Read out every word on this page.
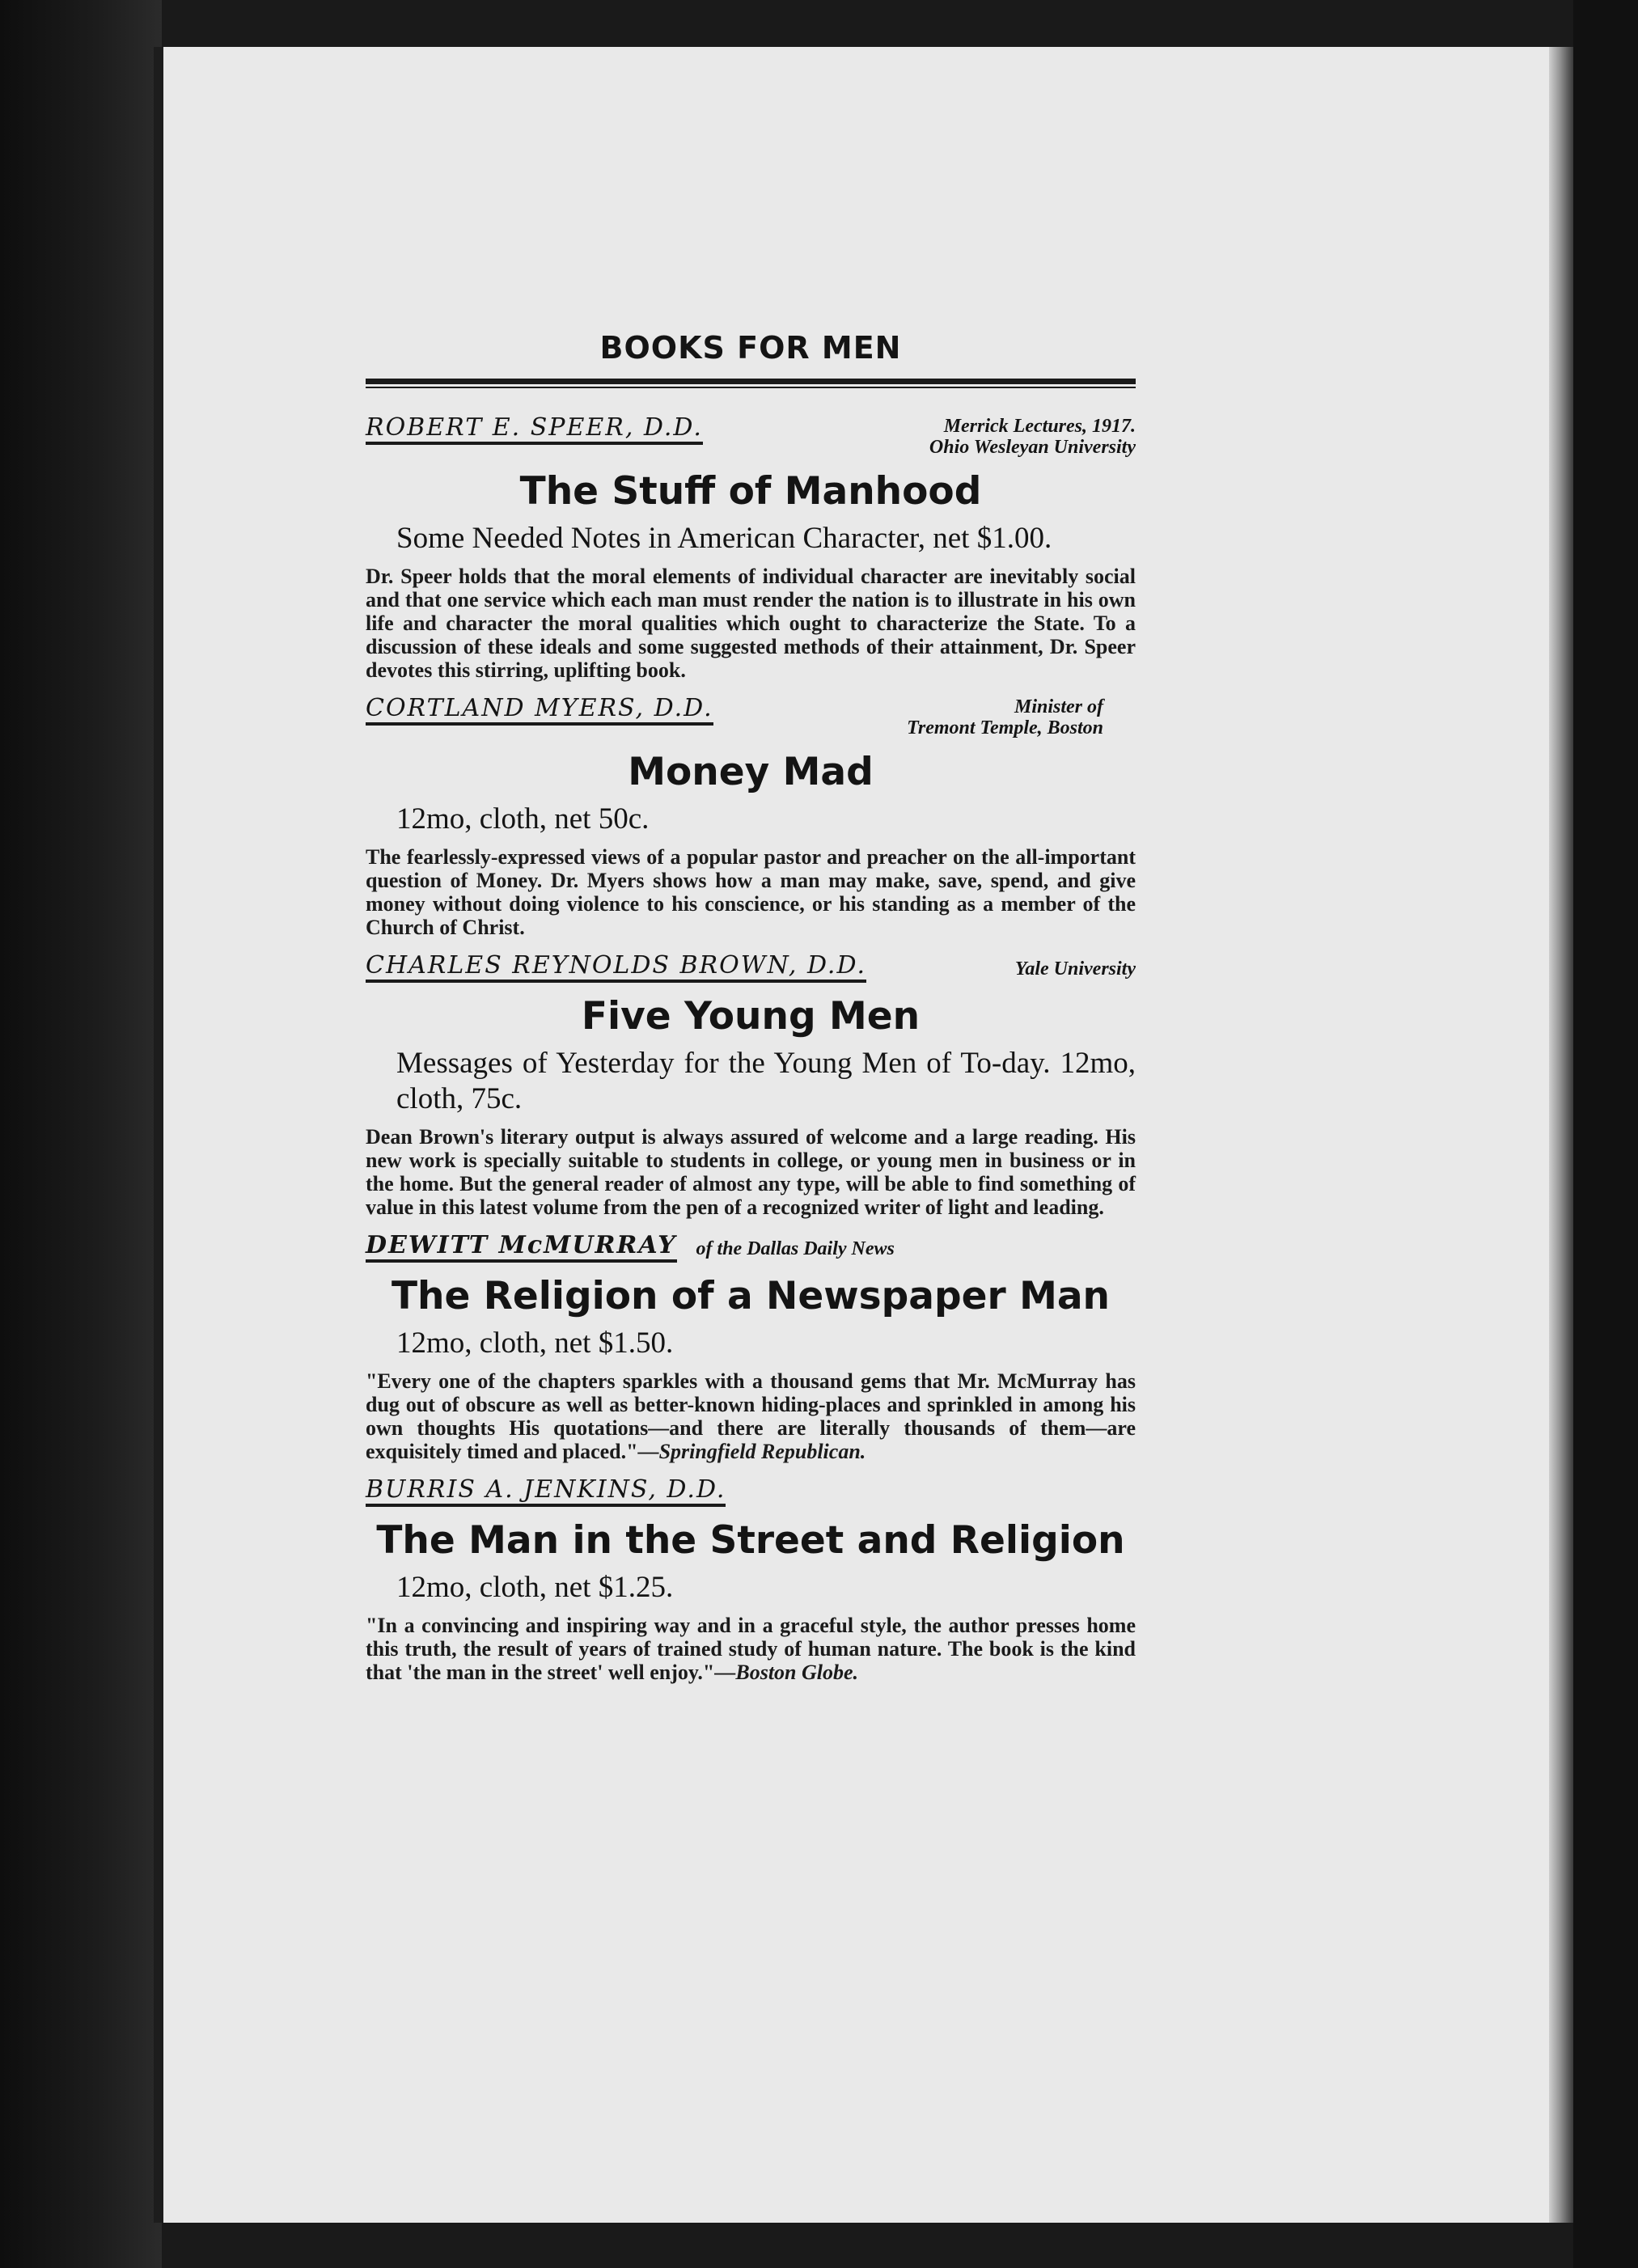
BOOKS FOR MEN
ROBERT E. SPEER, D.D.	Merrick Lectures, 1917.
Ohio Wesleyan University
The Stuff of Manhood
Some Needed Notes in American Character, net $1.00.
Dr. Speer holds that the moral elements of individual character are inevitably social and that one service which each man must render the nation is to illustrate in his own life and character the moral qualities which ought to characterize the State. To a discussion of these ideals and some suggested methods of their attainment, Dr. Speer devotes this stirring, uplifting book.
CORTLAND MYERS, D.D.	Minister of
Tremont Temple, Boston
Money Mad
12mo, cloth, net 50c.
The fearlessly-expressed views of a popular pastor and preacher on the all-important question of Money. Dr. Myers shows how a man may make, save, spend, and give money without doing violence to his conscience, or his standing as a member of the Church of Christ.
CHARLES REYNOLDS BROWN, D.D.	Yale University
Five Young Men
Messages of Yesterday for the Young Men of To-day. 12mo, cloth, 75c.
Dean Brown's literary output is always assured of welcome and a large reading. His new work is specially suitable to students in college, or young men in business or in the home. But the general reader of almost any type, will be able to find something of value in this latest volume from the pen of a recognized writer of light and leading.
DEWITT McMURRAY of the Dallas Daily News
The Religion of a Newspaper Man
12mo, cloth, net $1.50.
"Every one of the chapters sparkles with a thousand gems that Mr. McMurray has dug out of obscure as well as better-known hiding-places and sprinkled in among his own thoughts His quotations—and there are literally thousands of them—are exquisitely timed and placed."—Springfield Republican.
BURRIS A. JENKINS, D.D.
The Man in the Street and Religion
12mo, cloth, net $1.25.
"In a convincing and inspiring way and in a graceful style, the author presses home this truth, the result of years of trained study of human nature. The book is the kind that 'the man in the street' well enjoy."—Boston Globe.
